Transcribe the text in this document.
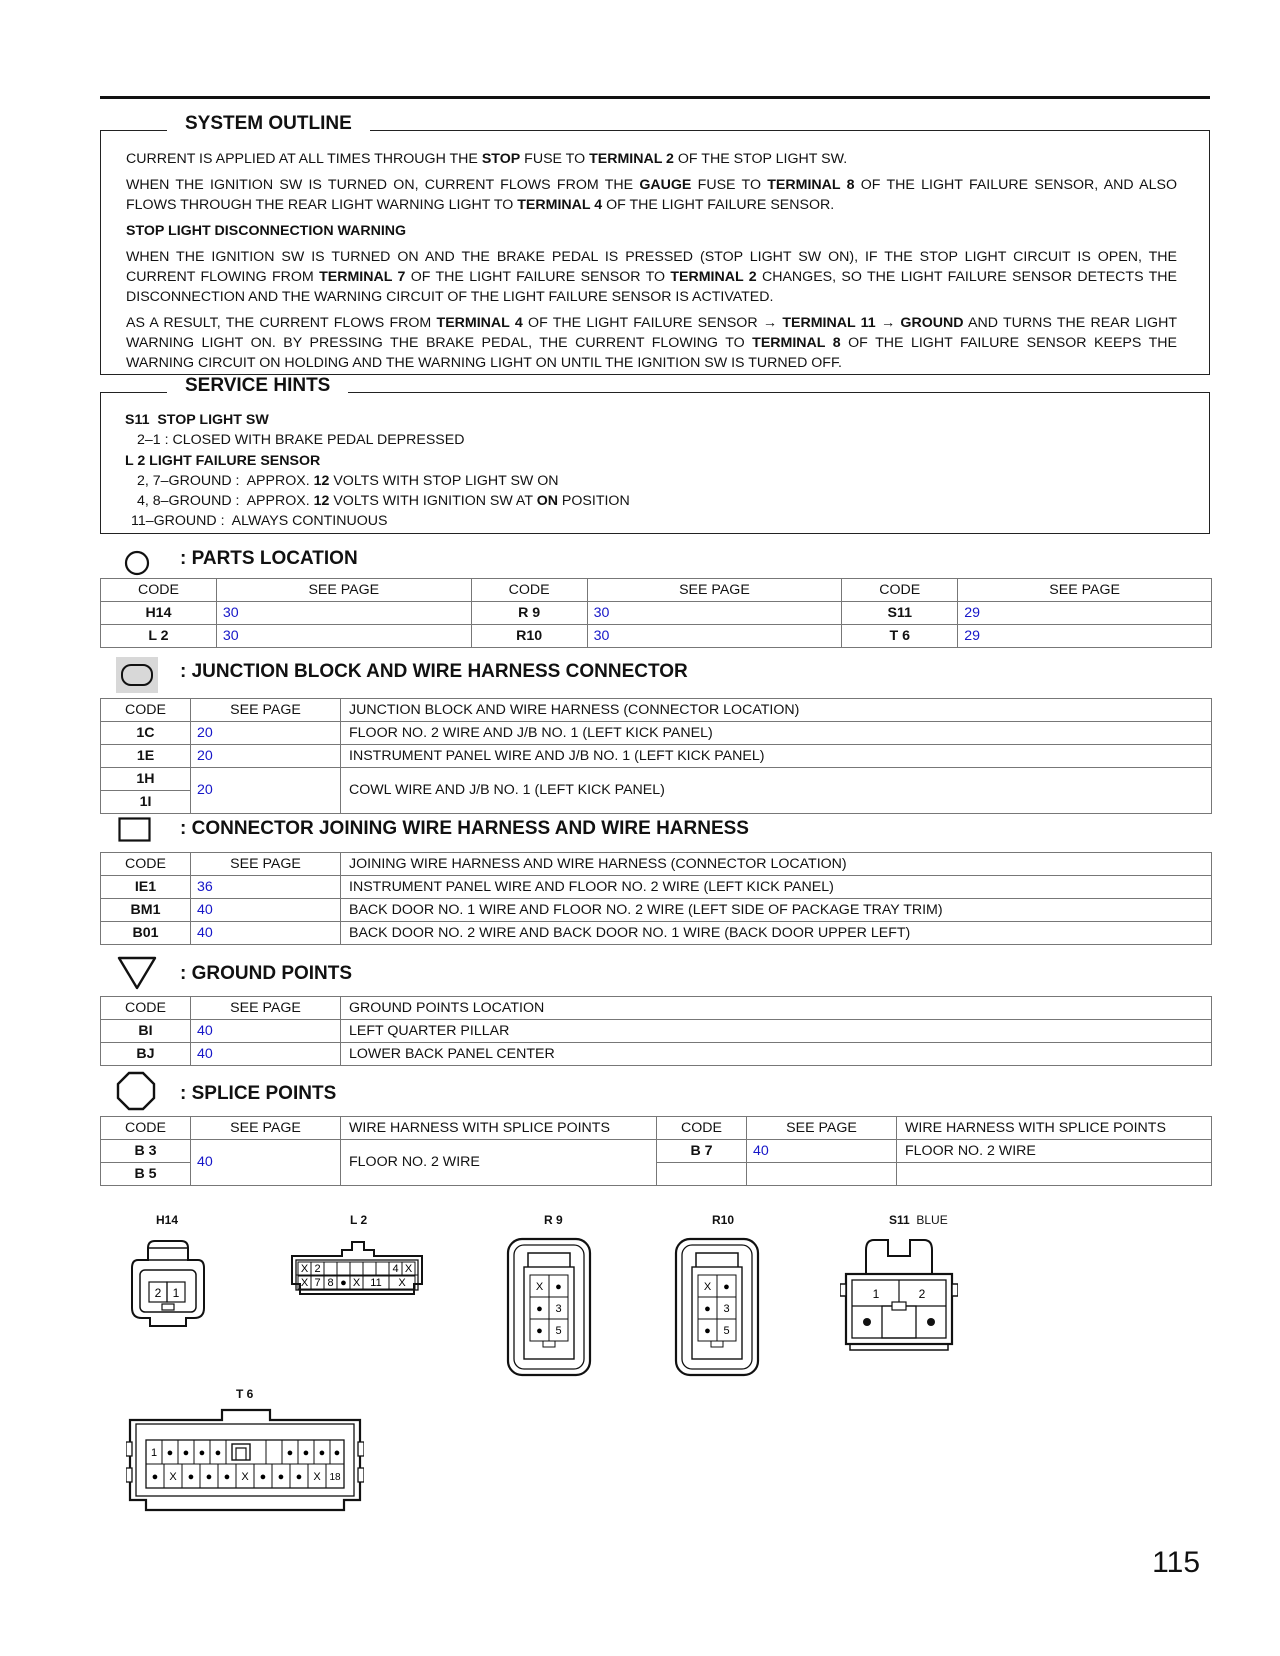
SYSTEM OUTLINE

CURRENT IS APPLIED AT ALL TIMES THROUGH THE STOP FUSE TO TERMINAL 2 OF THE STOP LIGHT SW.

WHEN THE IGNITION SW IS TURNED ON, CURRENT FLOWS FROM THE GAUGE FUSE TO TERMINAL 8 OF THE LIGHT FAILURE SENSOR, AND ALSO FLOWS THROUGH THE REAR LIGHT WARNING LIGHT TO TERMINAL 4 OF THE LIGHT FAILURE SENSOR.

STOP LIGHT DISCONNECTION WARNING

WHEN THE IGNITION SW IS TURNED ON AND THE BRAKE PEDAL IS PRESSED (STOP LIGHT SW ON), IF THE STOP LIGHT CIRCUIT IS OPEN, THE CURRENT FLOWING FROM TERMINAL 7 OF THE LIGHT FAILURE SENSOR TO TERMINAL 2 CHANGES, SO THE LIGHT FAILURE SENSOR DETECTS THE DISCONNECTION AND THE WARNING CIRCUIT OF THE LIGHT FAILURE SENSOR IS ACTIVATED.

AS A RESULT, THE CURRENT FLOWS FROM TERMINAL 4 OF THE LIGHT FAILURE SENSOR → TERMINAL 11 → GROUND AND TURNS THE REAR LIGHT WARNING LIGHT ON. BY PRESSING THE BRAKE PEDAL, THE CURRENT FLOWING TO TERMINAL 8 OF THE LIGHT FAILURE SENSOR KEEPS THE WARNING CIRCUIT ON HOLDING AND THE WARNING LIGHT ON UNTIL THE IGNITION SW IS TURNED OFF.

SERVICE HINTS
S11  STOP LIGHT SW
2–1 : CLOSED WITH BRAKE PEDAL DEPRESSED
L 2 LIGHT FAILURE SENSOR
2, 7–GROUND :  APPROX. 12 VOLTS WITH STOP LIGHT SW ON
4, 8–GROUND :  APPROX. 12 VOLTS WITH IGNITION SW AT ON POSITION
11–GROUND :  ALWAYS CONTINUOUS
: PARTS LOCATION
CODE	SEE PAGE	CODE	SEE PAGE	CODE	SEE PAGE
H14	30	R 9	30	S11	29
L 2	30	R10	30	T 6	29
: JUNCTION BLOCK AND WIRE HARNESS CONNECTOR
CODE	SEE PAGE	JUNCTION BLOCK AND WIRE HARNESS (CONNECTOR LOCATION)
1C	20	FLOOR NO. 2 WIRE AND J/B NO. 1 (LEFT KICK PANEL)
1E	20	INSTRUMENT PANEL WIRE AND J/B NO. 1 (LEFT KICK PANEL)
1H	20	COWL WIRE AND J/B NO. 1 (LEFT KICK PANEL)
1I		
: CONNECTOR JOINING WIRE HARNESS AND WIRE HARNESS
CODE	SEE PAGE	JOINING WIRE HARNESS AND WIRE HARNESS (CONNECTOR LOCATION)
IE1	36	INSTRUMENT PANEL WIRE AND FLOOR NO. 2 WIRE (LEFT KICK PANEL)
BM1	40	BACK DOOR NO. 1 WIRE AND FLOOR NO. 2 WIRE (LEFT SIDE OF PACKAGE TRAY TRIM)
B01	40	BACK DOOR NO. 2 WIRE AND BACK DOOR NO. 1 WIRE (BACK DOOR UPPER LEFT)
: GROUND POINTS
CODE	SEE PAGE	GROUND POINTS LOCATION
BI	40	LEFT QUARTER PILLAR
BJ	40	LOWER BACK PANEL CENTER
: SPLICE POINTS
CODE	SEE PAGE	WIRE HARNESS WITH SPLICE POINTS	CODE	SEE PAGE	WIRE HARNESS WITH SPLICE POINTS
B 3	40	FLOOR NO. 2 WIRE	B 7	40	FLOOR NO. 2 WIRE
B 5					
H14	L 2	R 9	R10	S11 BLUE
T 6
2 1
X 2	4 X
X 7 8 ● X 11 X	X ●
● 3
● 5
X ●
● 3
● 5
1	2
1 ● ● ● ●	● ● ● ●
● X ● ● ● X ● ● ● X 18
115
